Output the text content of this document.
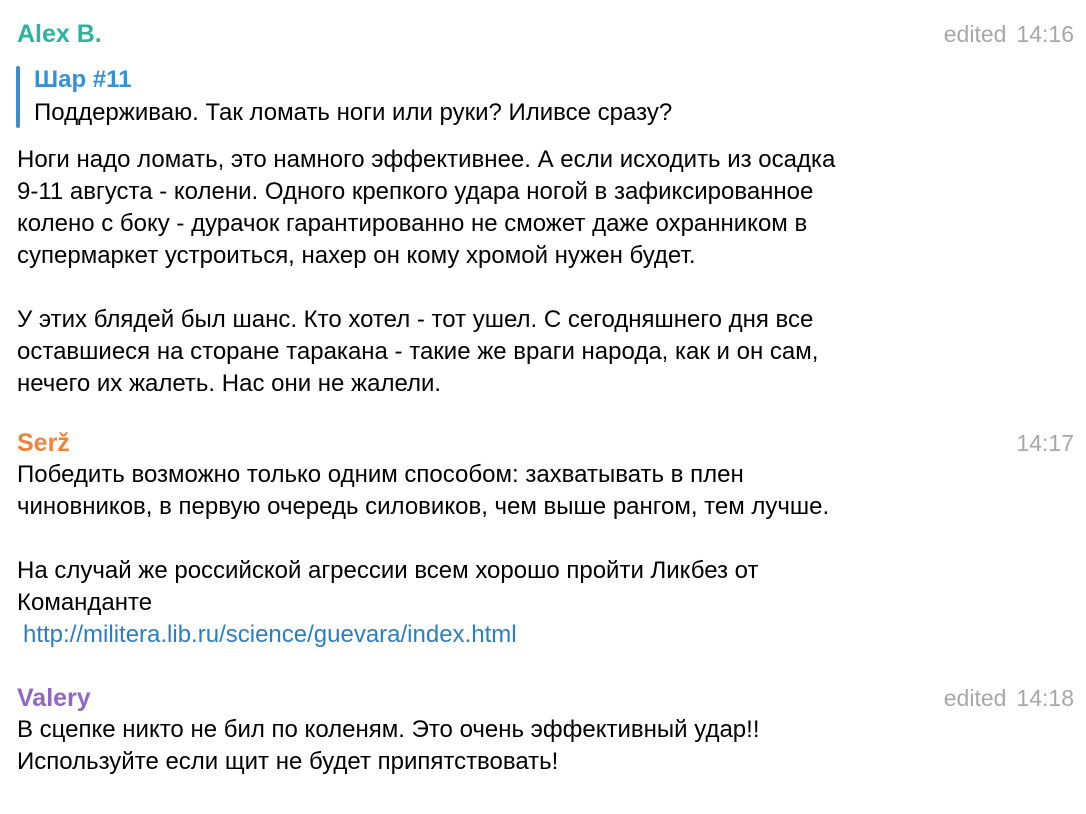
Alex B.	edited 14:16
Шар #11
Поддерживаю. Так ломать ноги или руки? Иливсе сразу?
Ноги надо ломать, это намного эффективнее. А если исходить из осадка
9-11 августа - колени. Одного крепкого удара ногой в зафиксированное
колено с боку - дурачок гарантированно не сможет даже охранником в
супермаркет устроиться, нахер он кому хромой нужен будет.
У этих блядей был шанс. Кто хотел - тот ушел. С сегодняшнего дня все
оставшиеся на сторане таракана - такие же враги народа, как и он сам,
нечего их жалеть. Нас они не жалели.
Serž	14:17
Победить возможно только одним способом: захватывать в плен
чиновников, в первую очередь силовиков, чем выше рангом, тем лучше.
На случай же российской агрессии всем хорошо пройти Ликбез от
Команданте
http://militera.lib.ru/science/guevara/index.html
Valery	edited 14:18
В сцепке никто не бил по коленям. Это очень эффективный удар!!
Используйте если щит не будет припятствовать!
